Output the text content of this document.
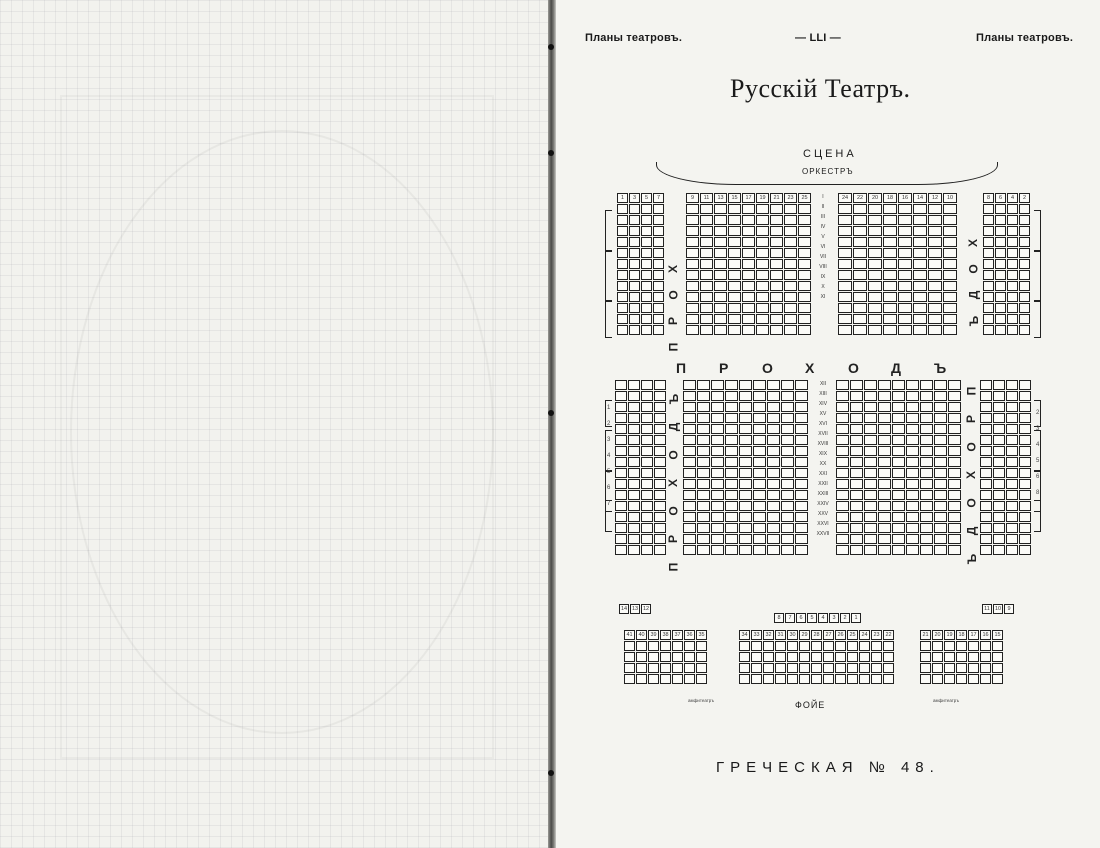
Планы театровъ.	— LLI —	Планы театровъ.
Русскій Театръ.
СЦЕНА
ОРКЕСТРЪ
1	3	5	7	9	11	13	15	17	19	21	23	25	24	22	20	18	16	14	12	10	8	6	4	2
8	7	6	5	4	3	2	1
41	40	39	38	37	36	35	34	33	32	31	30	29	28	27	26	25	24	23	22	21	20	19	18	17	16	15
14 13 12	11 10	9
I
II
III
IV
V
VI
VII
VIII
IX
X
XI
XII
XIII
XIV
XV
XVI
XVII
XVIII
XIX
XX
XXI
XXII
XXIII
XXIV
XXV
XXVI
XXVII
П Р О Х О Д Ъ
П
Р
О
Х
Х
О
Д
Ъ
П
Р
О
Х
О
Д
Ъ
П
Р
О
Х
О
Д
Ъ
1
2
3
4
5
6
7
2
3
4
5
6
8
амфитеатръ	амфитеатръ
ФОЙЕ
ГРЕЧЕСКАЯ № 48.
